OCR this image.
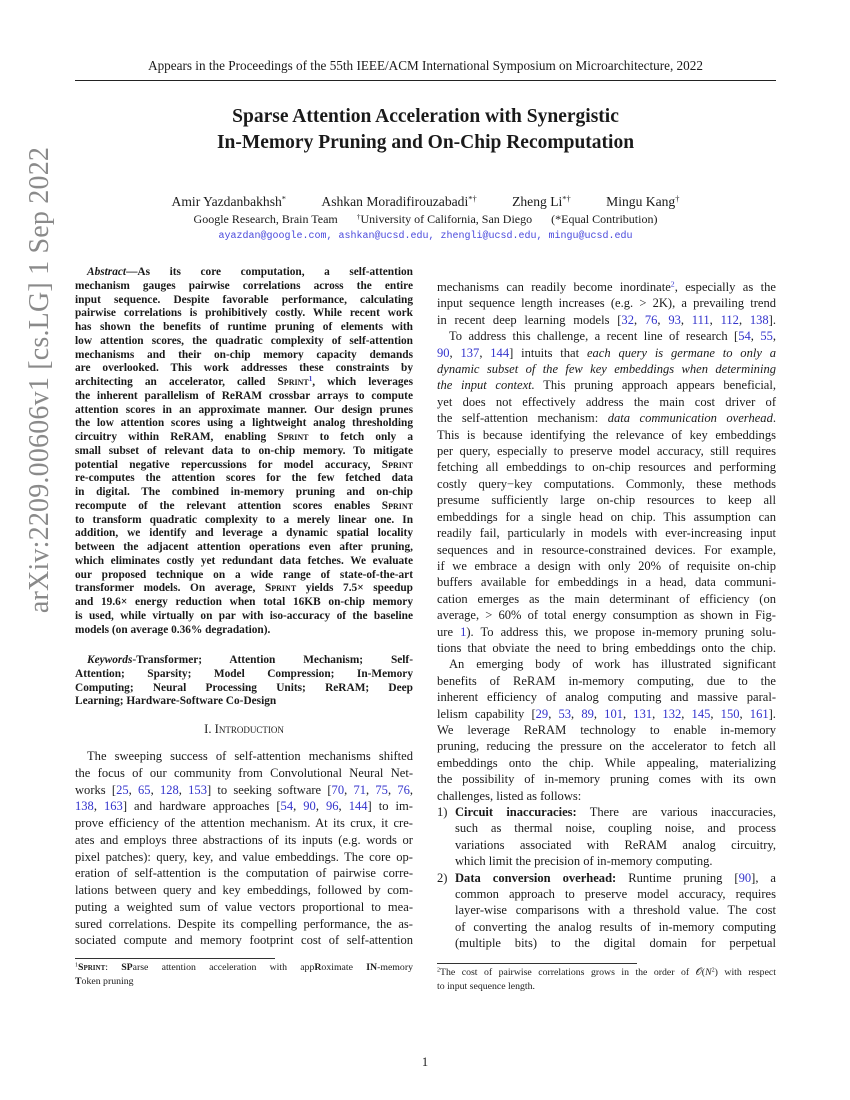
arXiv:2209.00606v1 [cs.LG] 1 Sep 2022
Appears in the Proceedings of the 55th IEEE/ACM International Symposium on Microarchitecture, 2022
Sparse Attention Acceleration with Synergistic
In-Memory Pruning and On-Chip Recomputation
Amir Yazdanbakhsh*	Ashkan Moradifirouzabadi*†	Zheng Li*†	Mingu Kang†
Google Research, Brain Team	†University of California, San Diego (*Equal Contribution)
ayazdan@google.com, ashkan@ucsd.edu, zhengli@ucsd.edu, mingu@ucsd.edu
Abstract—As its core computation, a self-attention
mechanism gauges pairwise correlations across the entire
input sequence. Despite favorable performance, calculating
pairwise correlations is prohibitively costly. While recent work
has shown the benefits of runtime pruning of elements with
low attention scores, the quadratic complexity of self-attention
mechanisms and their on-chip memory capacity demands
are overlooked. This work addresses these constraints by
architecting an accelerator, called Sprint$^1$, which leverages
the inherent parallelism of ReRAM crossbar arrays to compute
attention scores in an approximate manner. Our design prunes
the low attention scores using a lightweight analog thresholding
circuitry within ReRAM, enabling Sprint to fetch only a
small subset of relevant data to on-chip memory. To mitigate
potential negative repercussions for model accuracy, Sprint
re-computes the attention scores for the few fetched data
in digital. The combined in-memory pruning and on-chip
recompute of the relevant attention scores enables Sprint
to transform quadratic complexity to a merely linear one. In
addition, we identify and leverage a dynamic spatial locality
between the adjacent attention operations even after pruning,
which eliminates costly yet redundant data fetches. We evaluate
our proposed technique on a wide range of state-of-the-art
transformer models. On average, Sprint yields 7.5× speedup
and 19.6× energy reduction when total 16KB on-chip memory
is used, while virtually on par with iso-accuracy of the baseline
models (on average 0.36% degradation).
Keywords-Transformer; Attention Mechanism; Self-
Attention; Sparsity; Model Compression; In-Memory
Computing; Neural Processing Units; ReRAM; Deep
Learning; Hardware-Software Co-Design
I. Introduction
The sweeping success of self-attention mechanisms shifted
the focus of our community from Convolutional Neural Net-
works [25, 65, 128, 153] to seeking software [70, 71, 75, 76,
138, 163] and hardware approaches [54, 90, 96, 144] to im-
prove efficiency of the attention mechanism. At its crux, it cre-
ates and employs three abstractions of its inputs (e.g. words or
pixel patches): query, key, and value embeddings. The core op-
eration of self-attention is the computation of pairwise corre-
lations between query and key embeddings, followed by com-
puting a weighted sum of value vectors proportional to mea-
sured correlations. Despite its compelling performance, the as-
sociated compute and memory footprint cost of self-attention
$^1$Sprint: SParse attention acceleration with appRoximate IN-memory
Token pruning
mechanisms can readily become inordinate$^2$, especially as the
input sequence length increases (e.g. > 2K), a prevailing trend
in recent deep learning models [32, 76, 93, 111, 112, 138].
To address this challenge, a recent line of research [54, 55,
90, 137, 144] intuits that each query is germane to only a
dynamic subset of the few key embeddings when determining
the input context. This pruning approach appears beneficial,
yet does not effectively address the main cost driver of
the self-attention mechanism: data communication overhead.
This is because identifying the relevance of key embeddings
per query, especially to preserve model accuracy, still requires
fetching all embeddings to on-chip resources and performing
costly query−key computations. Commonly, these methods
presume sufficiently large on-chip resources to keep all
embeddings for a single head on chip. This assumption can
readily fail, particularly in models with ever-increasing input
sequences and in resource-constrained devices. For example,
if we embrace a design with only 20% of requisite on-chip
buffers available for embeddings in a head, data communi-
cation emerges as the main determinant of efficiency (on
average, > 60% of total energy consumption as shown in Fig-
ure 1). To address this, we propose in-memory pruning solu-
tions that obviate the need to bring embeddings onto the chip.
An emerging body of work has illustrated significant
benefits of ReRAM in-memory computing, due to the
inherent efficiency of analog computing and massive paral-
lelism capability [29, 53, 89, 101, 131, 132, 145, 150, 161].
We leverage ReRAM technology to enable in-memory
pruning, reducing the pressure on the accelerator to fetch all
embeddings onto the chip. While appealing, materializing
the possibility of in-memory pruning comes with its own
challenges, listed as follows:
1) Circuit inaccuracies: There are various inaccuracies,
such as thermal noise, coupling noise, and process
variations associated with ReRAM analog circuitry,
which limit the precision of in-memory computing.
2) Data conversion overhead: Runtime pruning [90], a
common approach to preserve model accuracy, requires
layer-wise comparisons with a threshold value. The cost
of converting the analog results of in-memory computing
(multiple bits) to the digital domain for perpetual
$^2$The cost of pairwise correlations grows in the order of $𝒪(N^2)$ with respect
to input sequence length.
1
